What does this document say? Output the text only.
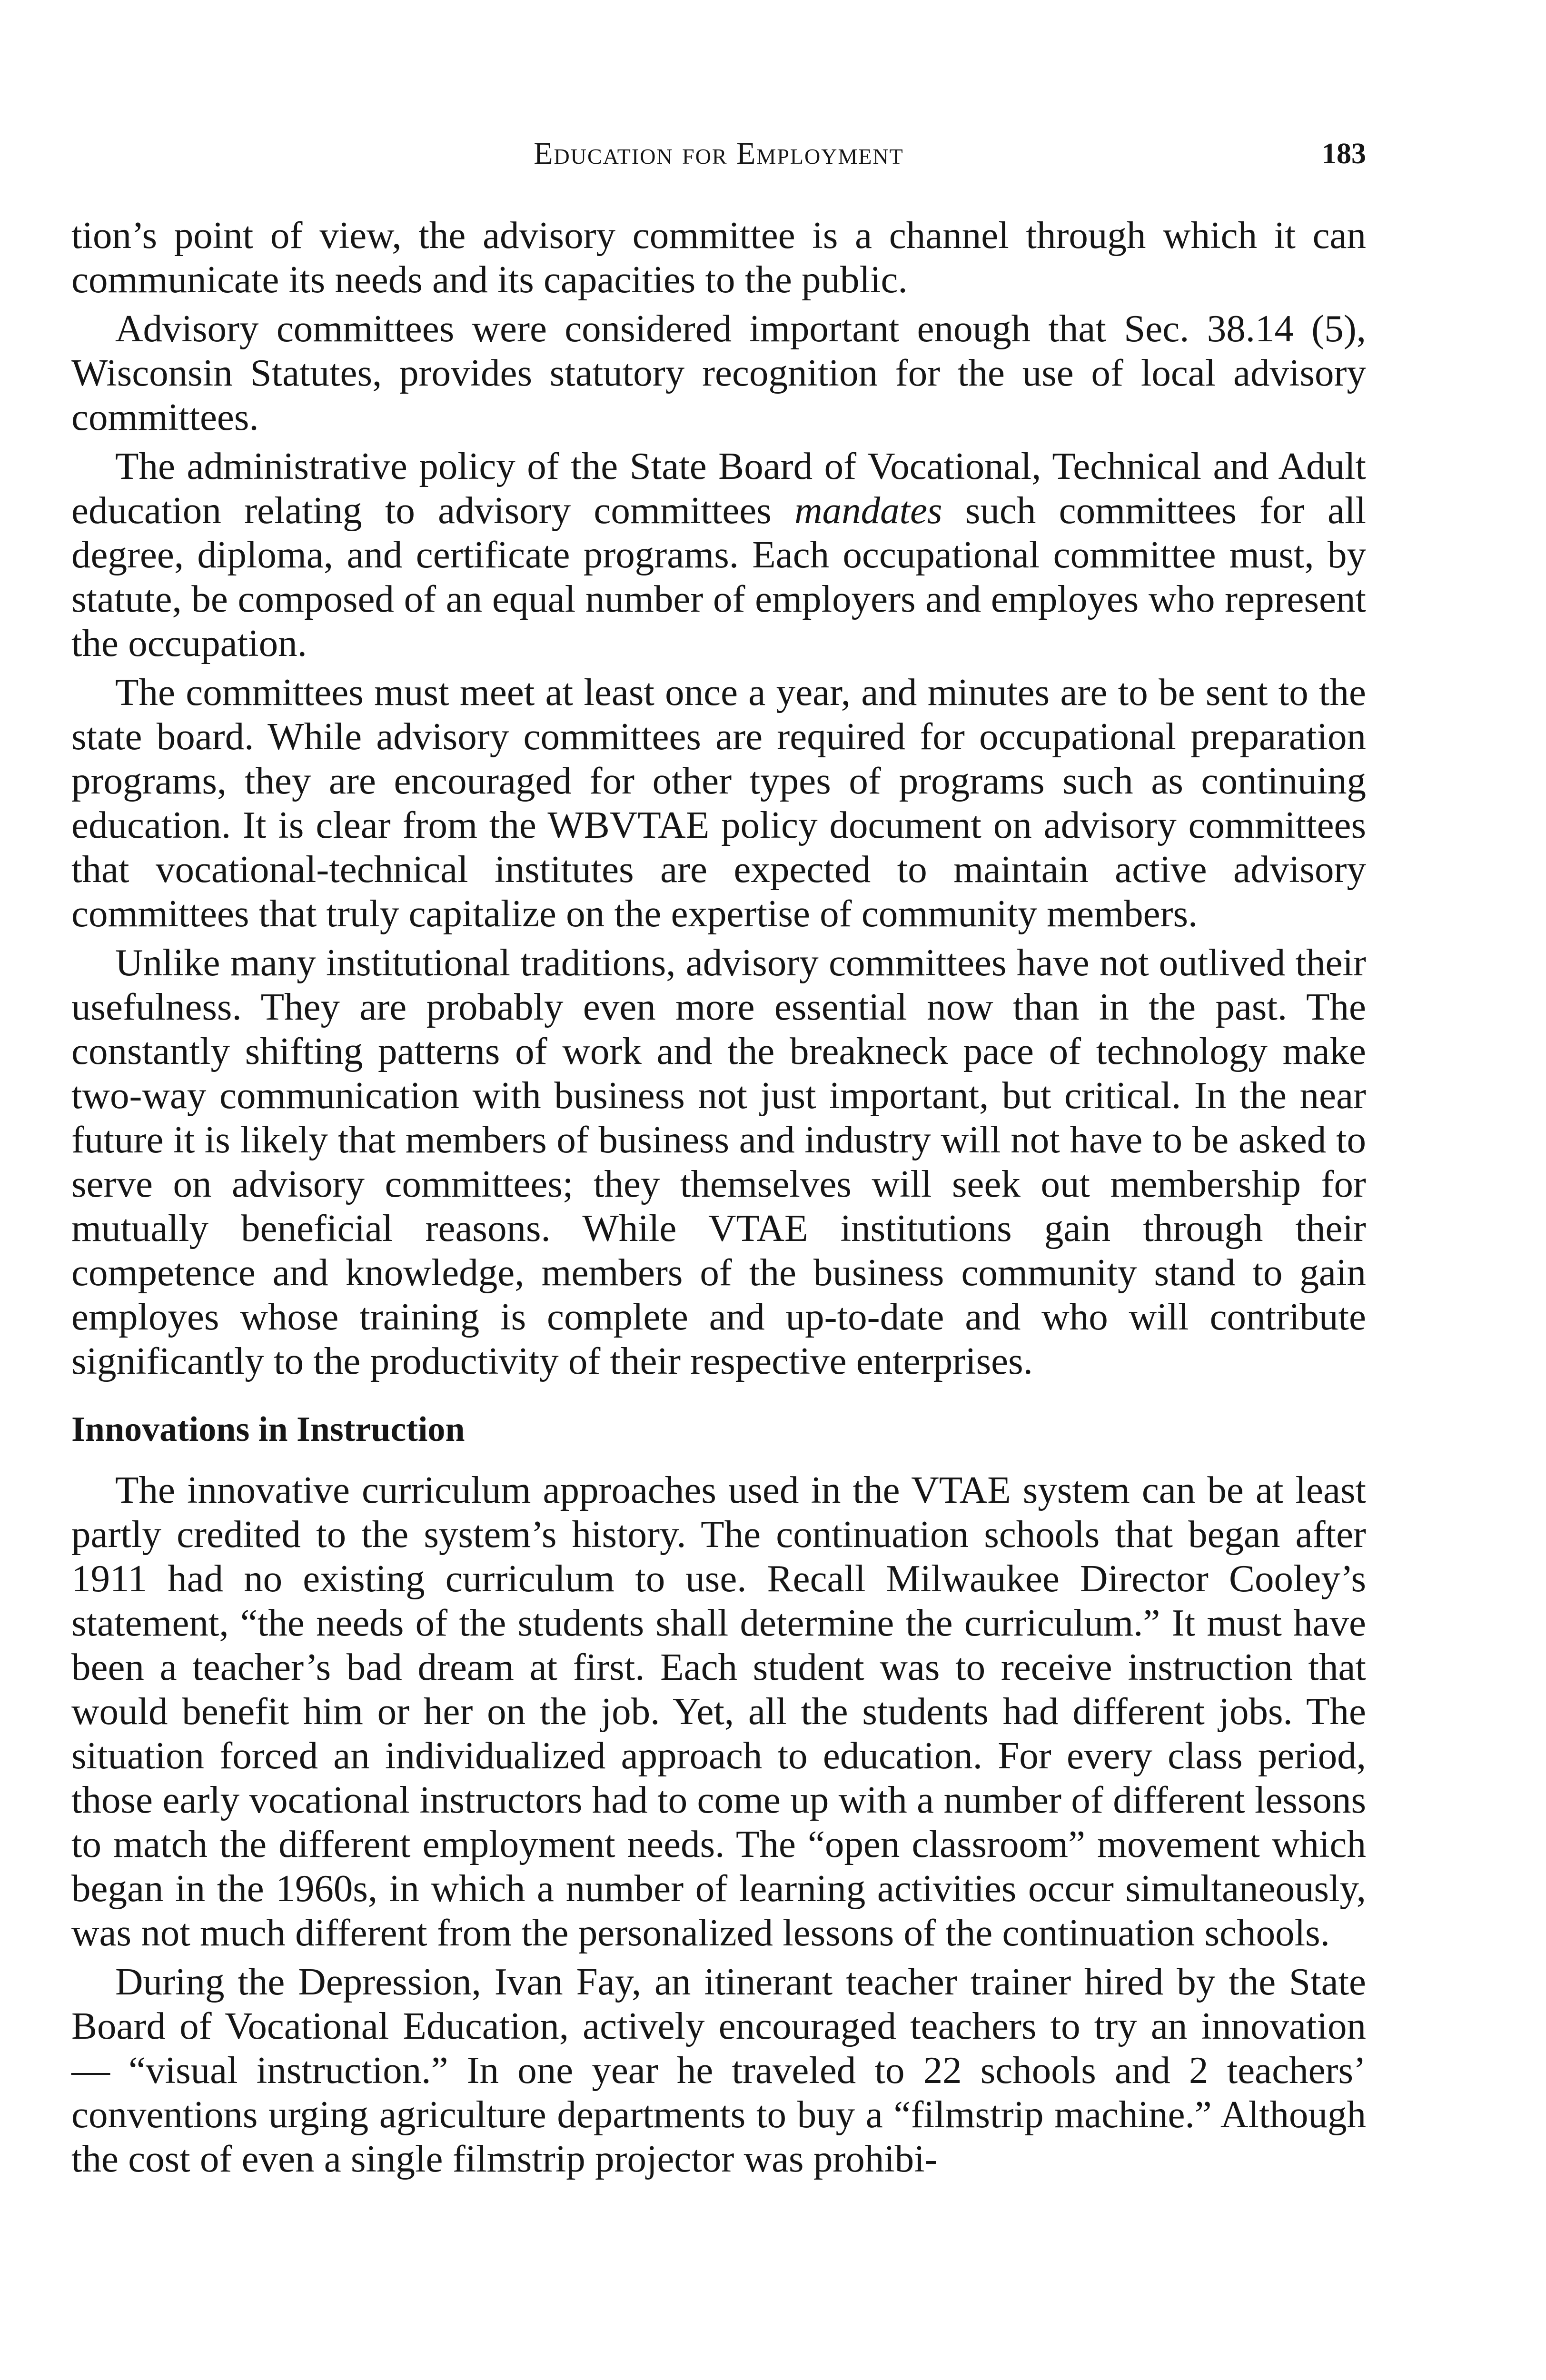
Education for Employment	183

tion’s point of view, the advisory committee is a channel through which it can communicate its needs and its capacities to the public.

Advisory committees were considered important enough that Sec. 38.14 (5), Wisconsin Statutes, provides statutory recognition for the use of local advisory committees.

The administrative policy of the State Board of Vocational, Technical and Adult education relating to advisory committees mandates such committees for all degree, diploma, and certificate programs. Each occupational committee must, by statute, be composed of an equal number of employers and employes who represent the occupation.

The committees must meet at least once a year, and minutes are to be sent to the state board. While advisory committees are required for occupational preparation programs, they are encouraged for other types of programs such as continuing education. It is clear from the WBVTAE policy document on advisory committees that vocational-technical institutes are expected to maintain active advisory committees that truly capitalize on the expertise of community members.

Unlike many institutional traditions, advisory committees have not outlived their usefulness. They are probably even more essential now than in the past. The constantly shifting patterns of work and the breakneck pace of technology make two-way communication with business not just important, but critical. In the near future it is likely that members of business and industry will not have to be asked to serve on advisory committees; they themselves will seek out membership for mutually beneficial reasons. While VTAE institutions gain through their competence and knowledge, members of the business community stand to gain employes whose training is complete and up-to-date and who will contribute significantly to the productivity of their respective enterprises.

Innovations in Instruction

The innovative curriculum approaches used in the VTAE system can be at least partly credited to the system’s history. The continuation schools that began after 1911 had no existing curriculum to use. Recall Milwaukee Director Cooley’s statement, “the needs of the students shall determine the curriculum.” It must have been a teacher’s bad dream at first. Each student was to receive instruction that would benefit him or her on the job. Yet, all the students had different jobs. The situation forced an individualized approach to education. For every class period, those early vocational instructors had to come up with a number of different lessons to match the different employment needs. The “open classroom” movement which began in the 1960s, in which a number of learning activities occur simultaneously, was not much different from the personalized lessons of the continuation schools.

During the Depression, Ivan Fay, an itinerant teacher trainer hired by the State Board of Vocational Education, actively encouraged teachers to try an innovation — “visual instruction.” In one year he traveled to 22 schools and 2 teachers’ conventions urging agriculture departments to buy a “filmstrip machine.” Although the cost of even a single filmstrip projector was prohibi-
